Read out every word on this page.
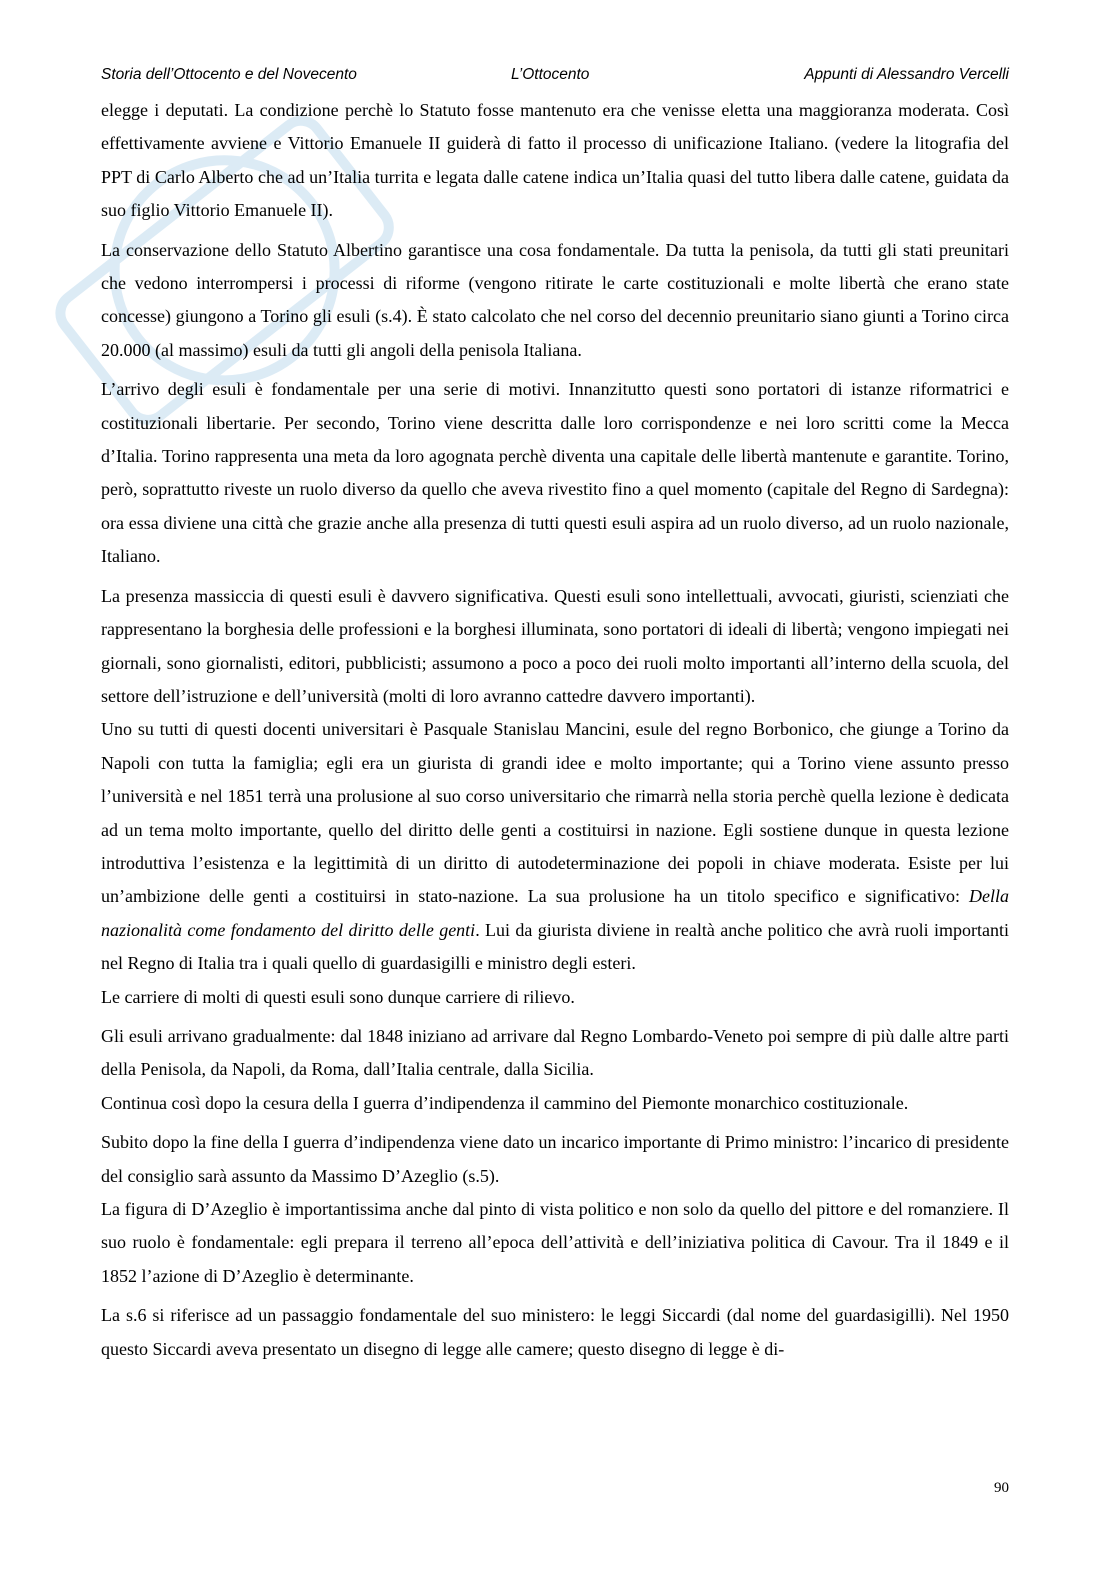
Storia dell’Ottocento e del Novecento	L’Ottocento	Appunti di Alessandro Vercelli

elegge i deputati. La condizione perchè lo Statuto fosse mantenuto era che venisse eletta una maggioranza moderata. Così effettivamente avviene e Vittorio Emanuele II guiderà di fatto il processo di unificazione Italiano. (vedere la litografia del PPT di Carlo Alberto che ad un’Italia turrita e legata dalle catene indica un’Italia quasi del tutto libera dalle catene, guidata da suo figlio Vittorio Emanuele II).

La conservazione dello Statuto Albertino garantisce una cosa fondamentale. Da tutta la penisola, da tutti gli stati preunitari che vedono interrompersi i processi di riforme (vengono ritirate le carte costituzionali e molte libertà che erano state concesse) giungono a Torino gli esuli (s.4). È stato calcolato che nel corso del decennio preunitario siano giunti a Torino circa 20.000 (al massimo) esuli da tutti gli angoli della penisola Italiana.

L’arrivo degli esuli è fondamentale per una serie di motivi. Innanzitutto questi sono portatori di istanze riformatrici e costituzionali libertarie. Per secondo, Torino viene descritta dalle loro corrispondenze e nei loro scritti come la Mecca d’Italia. Torino rappresenta una meta da loro agognata perchè diventa una capitale delle libertà mantenute e garantite. Torino, però, soprattutto riveste un ruolo diverso da quello che aveva rivestito fino a quel momento (capitale del Regno di Sardegna): ora essa diviene una città che grazie anche alla presenza di tutti questi esuli aspira ad un ruolo diverso, ad un ruolo nazionale, Italiano.

La presenza massiccia di questi esuli è davvero significativa. Questi esuli sono intellettuali, avvocati, giuristi, scienziati che rappresentano la borghesia delle professioni e la borghesi illuminata, sono portatori di ideali di libertà; vengono impiegati nei giornali, sono giornalisti, editori, pubblicisti; assumono a poco a poco dei ruoli molto importanti all’interno della scuola, del settore dell’istruzione e dell’università (molti di loro avranno cattedre davvero importanti).

Uno su tutti di questi docenti universitari è Pasquale Stanislau Mancini, esule del regno Borbonico, che giunge a Torino da Napoli con tutta la famiglia; egli era un giurista di grandi idee e molto importante; qui a Torino viene assunto presso l’università e nel 1851 terrà una prolusione al suo corso universitario che rimarrà nella storia perchè quella lezione è dedicata ad un tema molto importante, quello del diritto delle genti a costituirsi in nazione. Egli sostiene dunque in questa lezione introduttiva l’esistenza e la legittimità di un diritto di autodeterminazione dei popoli in chiave moderata. Esiste per lui un’ambizione delle genti a costituirsi in stato-nazione. La sua prolusione ha un titolo specifico e significativo: Della nazionalità come fondamento del diritto delle genti. Lui da giurista diviene in realtà anche politico che avrà ruoli importanti nel Regno di Italia tra i quali quello di guardasigilli e ministro degli esteri.

Le carriere di molti di questi esuli sono dunque carriere di rilievo.

Gli esuli arrivano gradualmente: dal 1848 iniziano ad arrivare dal Regno Lombardo-Veneto poi sempre di più dalle altre parti della Penisola, da Napoli, da Roma, dall’Italia centrale, dalla Sicilia.

Continua così dopo la cesura della I guerra d’indipendenza il cammino del Piemonte monarchico costituzionale.

Subito dopo la fine della I guerra d’indipendenza viene dato un incarico importante di Primo ministro: l’incarico di presidente del consiglio sarà assunto da Massimo D’Azeglio (s.5).

La figura di D’Azeglio è importantissima anche dal pinto di vista politico e non solo da quello del pittore e del romanziere. Il suo ruolo è fondamentale: egli prepara il terreno all’epoca dell’attività e dell’iniziativa politica di Cavour. Tra il 1849 e il 1852 l’azione di D’Azeglio è determinante.

La s.6 si riferisce ad un passaggio fondamentale del suo ministero: le leggi Siccardi (dal nome del guardasigilli). Nel 1950 questo Siccardi aveva presentato un disegno di legge alle camere; questo disegno di legge è di-

90
